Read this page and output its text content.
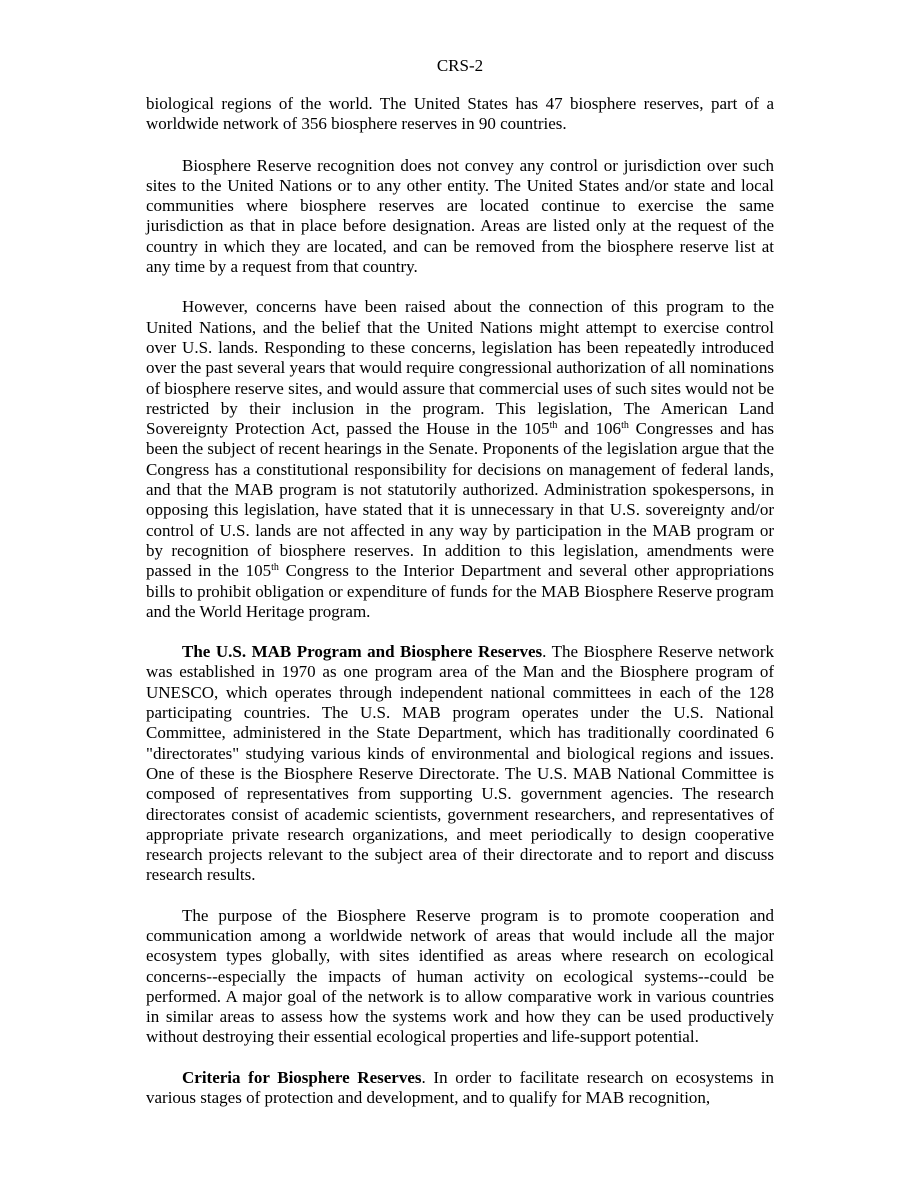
CRS-2

biological regions of the world. The United States has 47 biosphere reserves, part of a worldwide network of 356 biosphere reserves in 90 countries.

Biosphere Reserve recognition does not convey any control or jurisdiction over such sites to the United Nations or to any other entity. The United States and/or state and local communities where biosphere reserves are located continue to exercise the same jurisdiction as that in place before designation. Areas are listed only at the request of the country in which they are located, and can be removed from the biosphere reserve list at any time by a request from that country.

However, concerns have been raised about the connection of this program to the United Nations, and the belief that the United Nations might attempt to exercise control over U.S. lands. Responding to these concerns, legislation has been repeatedly introduced over the past several years that would require congressional authorization of all nominations of biosphere reserve sites, and would assure that commercial uses of such sites would not be restricted by their inclusion in the program. This legislation, The American Land Sovereignty Protection Act, passed the House in the 105th and 106th Congresses and has been the subject of recent hearings in the Senate. Proponents of the legislation argue that the Congress has a constitutional responsibility for decisions on management of federal lands, and that the MAB program is not statutorily authorized. Administration spokespersons, in opposing this legislation, have stated that it is unnecessary in that U.S. sovereignty and/or control of U.S. lands are not affected in any way by participation in the MAB program or by recognition of biosphere reserves. In addition to this legislation, amendments were passed in the 105th Congress to the Interior Department and several other appropriations bills to prohibit obligation or expenditure of funds for the MAB Biosphere Reserve program and the World Heritage program.

The U.S. MAB Program and Biosphere Reserves. The Biosphere Reserve network was established in 1970 as one program area of the Man and the Biosphere program of UNESCO, which operates through independent national committees in each of the 128 participating countries. The U.S. MAB program operates under the U.S. National Committee, administered in the State Department, which has traditionally coordinated 6 "directorates" studying various kinds of environmental and biological regions and issues. One of these is the Biosphere Reserve Directorate. The U.S. MAB National Committee is composed of representatives from supporting U.S. government agencies. The research directorates consist of academic scientists, government researchers, and representatives of appropriate private research organizations, and meet periodically to design cooperative research projects relevant to the subject area of their directorate and to report and discuss research results.

The purpose of the Biosphere Reserve program is to promote cooperation and communication among a worldwide network of areas that would include all the major ecosystem types globally, with sites identified as areas where research on ecological concerns--especially the impacts of human activity on ecological systems--could be performed. A major goal of the network is to allow comparative work in various countries in similar areas to assess how the systems work and how they can be used productively without destroying their essential ecological properties and life-support potential.

Criteria for Biosphere Reserves. In order to facilitate research on ecosystems in various stages of protection and development, and to qualify for MAB recognition,
